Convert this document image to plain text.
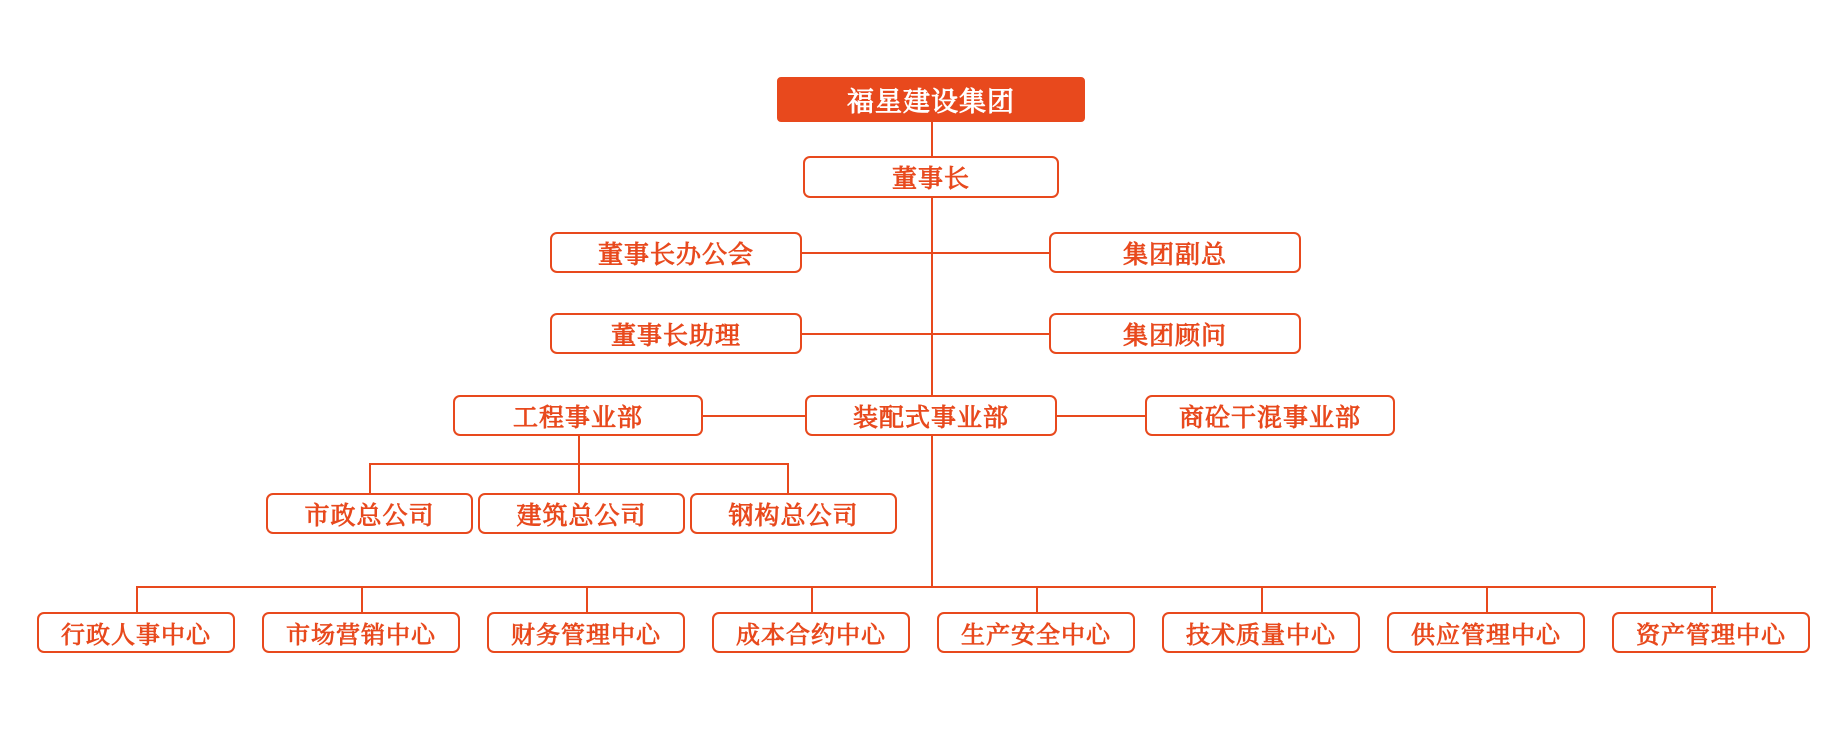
福星建设集团
董事长
董事长办公会	集团副总
董事长助理	集团顾问
工程事业部	装配式事业部	商砼干混事业部
市政总公司	建筑总公司	钢构总公司
行政人事中心	市场营销中心	财务管理中心	成本合约中心	生产安全中心	技术质量中心	供应管理中心	资产管理中心
